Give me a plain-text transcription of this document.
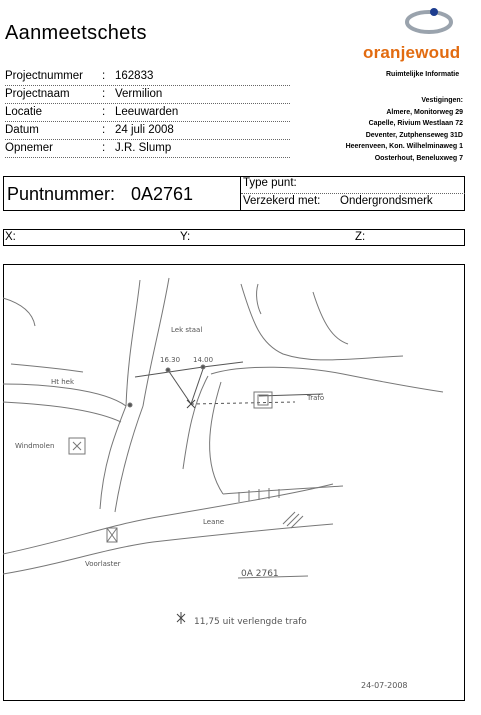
Aanmeetschets
oranjewoud
Ruimtelijke Informatie
Projectnummer : 162833
Projectnaam	: Vermilion
Locatie	: Leeuwarden
Datum	: 24 juli 2008
Opnemer	: J.R. Slump
Vestigingen:
Almere, Monitorweg 29
Capelle, Rivium Westlaan 72
Deventer, Zutphenseweg 31D
Heerenveen, Kon. Wilhelminaweg 1
Oosterhout, Beneluxweg 7
Puntnummer: 0A2761
Type punt:
Verzekerd met: Ondergrondsmerk
X:	Y:	Z:
Lek staal
16.30 14.00
Ht hek
Windmolen
Trafo
Leane
Voorlaster
0A 2761
11,75 uit verlengde trafo
24-07-2008
